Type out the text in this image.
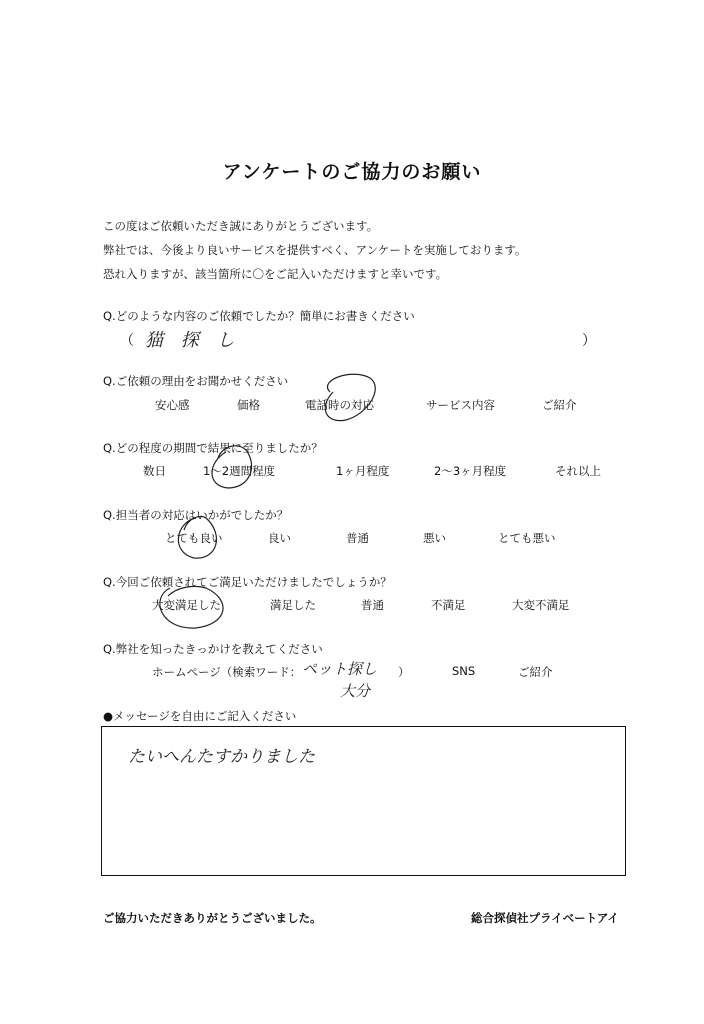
アンケートのご協力のお願い
この度はご依頼いただき誠にありがとうございます。
弊社では、今後より良いサービスを提供すべく、アンケートを実施しております。
恐れ入りますが、該当箇所に〇をご記入いただけますと幸いです。
Q.どのような内容のご依頼でしたか？簡単にお書きください
（ 猫 探 し	）
Q.ご依頼の理由をお聞かせください
安心感	価格	電話時の対応	サービス内容	ご紹介
Q.どの程度の期間で結果に至りましたか？
数日	1～2週間程度	1ヶ月程度	2～3ヶ月程度	それ以上
Q.担当者の対応はいかがでしたか？
とても良い	良い	普通	悪い	とても悪い
Q.今回ご依頼されてご満足いただけましたでしょうか？
大変満足した	満足した	普通	不満足	大変不満足
Q.弊社を知ったきっかけを教えてください
ホームページ（検索ワード： ペット探し
大分
）	SNS	ご紹介
●メッセージを自由にご記入ください
たいへんたすかりました
ご協力いただきありがとうございました。	総合探偵社プライベートアイ
